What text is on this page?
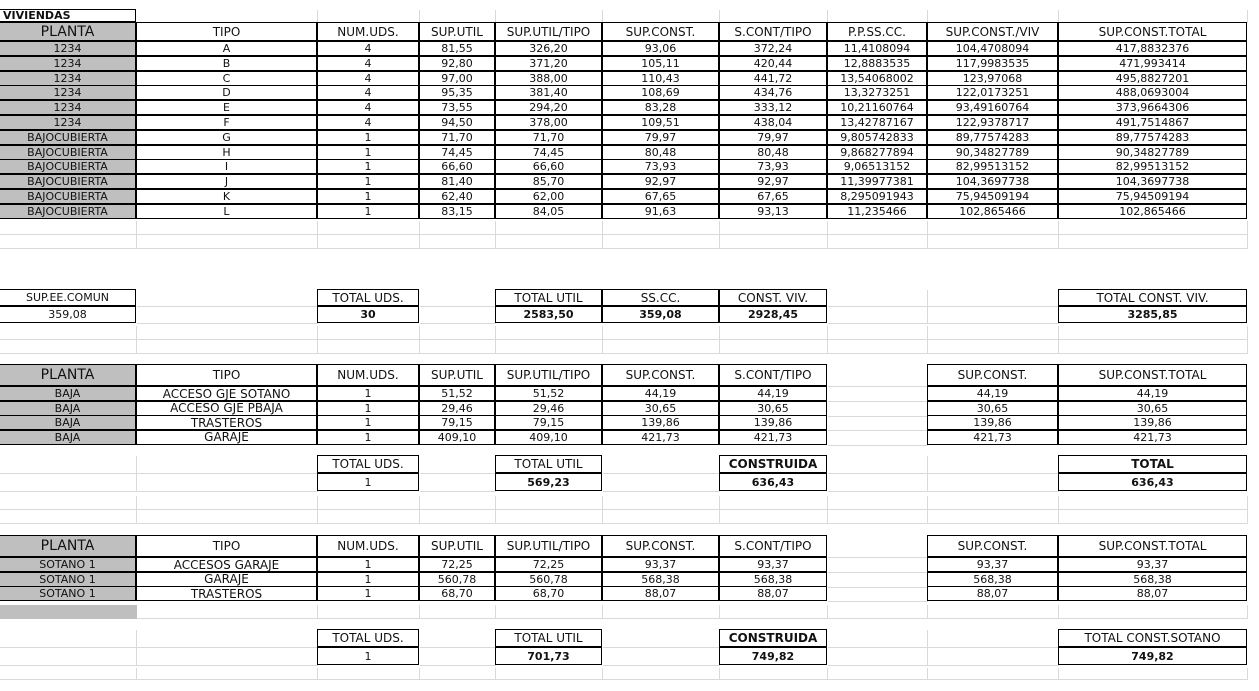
VIVIENDAS
PLANTA	TIPO	NUM.UDS.	SUP.UTIL	SUP.UTIL/TIPO	SUP.CONST.	S.CONT/TIPO	P.P.SS.CC.	SUP.CONST./VIV	SUP.CONST.TOTAL
1234	A	4	81,55	326,20	93,06	372,24	11,4108094	104,4708094	417,8832376
1234	B	4	92,80	371,20	105,11	420,44	12,8883535	117,9983535	471,993414
1234	C	4	97,00	388,00	110,43	441,72	13,54068002	123,97068	495,8827201
1234	D	4	95,35	381,40	108,69	434,76	13,3273251	122,0173251	488,0693004
1234	E	4	73,55	294,20	83,28	333,12	10,21160764	93,49160764	373,9664306
1234	F	4	94,50	378,00	109,51	438,04	13,42787167	122,9378717	491,7514867
BAJOCUBIERTA	G	1	71,70	71,70	79,97	79,97	9,805742833	89,77574283	89,77574283
BAJOCUBIERTA	H	1	74,45	74,45	80,48	80,48	9,868277894	90,34827789	90,34827789
BAJOCUBIERTA	I	1	66,60	66,60	73,93	73,93	9,06513152	82,99513152	82,99513152
BAJOCUBIERTA	J	1	81,40	85,70	92,97	92,97	11,39977381	104,3697738	104,3697738
BAJOCUBIERTA	K	1	62,40	62,00	67,65	67,65	8,295091943	75,94509194	75,94509194
BAJOCUBIERTA	L	1	83,15	84,05	91,63	93,13	11,235466	102,865466	102,865466
SUP.EE.COMUN	TOTAL UDS.	TOTAL UTIL	SS.CC.	CONST. VIV.	TOTAL CONST. VIV.
359,08	30	2583,50	359,08	2928,45	3285,85
PLANTA	TIPO	NUM.UDS.	SUP.UTIL	SUP.UTIL/TIPO	SUP.CONST.	S.CONT/TIPO	SUP.CONST.	SUP.CONST.TOTAL
BAJA	ACCESO GJE SOTANO	1	51,52	51,52	44,19	44,19	44,19	44,19
BAJA	ACCESO GJE PBAJA	1	29,46	29,46	30,65	30,65	30,65	30,65
BAJA	TRASTEROS	1	79,15	79,15	139,86	139,86	139,86	139,86
BAJA	GARAJE	1	409,10	409,10	421,73	421,73	421,73	421,73
TOTAL UDS.	TOTAL UTIL	CONSTRUIDA	TOTAL
1	569,23	636,43	636,43
PLANTA	TIPO	NUM.UDS.	SUP.UTIL	SUP.UTIL/TIPO	SUP.CONST.	S.CONT/TIPO	SUP.CONST.	SUP.CONST.TOTAL
SOTANO 1	ACCESOS GARAJE	1	72,25	72,25	93,37	93,37	93,37	93,37
SOTANO 1	GARAJE	1	560,78	560,78	568,38	568,38	568,38	568,38
SOTANO 1	TRASTEROS	1	68,70	68,70	88,07	88,07	88,07	88,07
TOTAL UDS.	TOTAL UTIL	CONSTRUIDA	TOTAL CONST.SOTANO
1	701,73	749,82	749,82
